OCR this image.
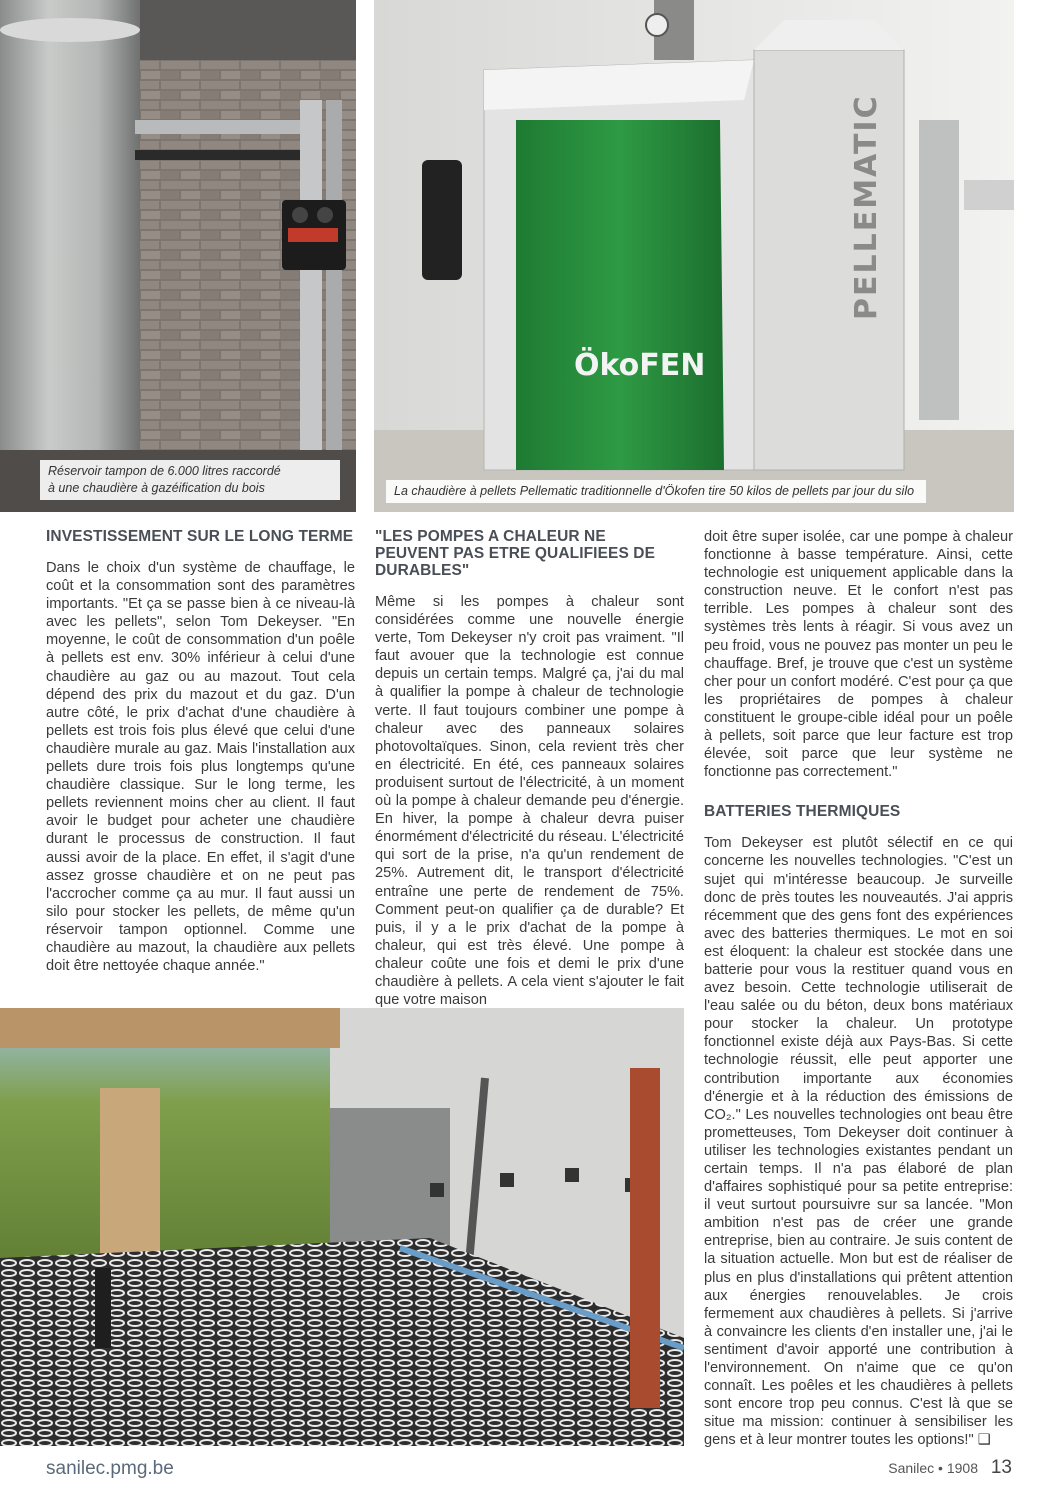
Réservoir tampon de 6.000 litres raccordé
à une chaudière à gazéification du bois
ÖkoFEN
PELLEMATIC
La chaudière à pellets Pellematic traditionnelle d'Ökofen tire 50 kilos de pellets par jour du silo
INVESTISSEMENT SUR LE LONG TERME

Dans le choix d'un système de chauffage, le coût et la consommation sont des paramètres importants. "Et ça se passe bien à ce niveau-là avec les pellets", selon Tom Dekeyser. "En moyenne, le coût de consommation d'un poêle à pellets est env. 30% inférieur à celui d'une chaudière au gaz ou au mazout. Tout cela dépend des prix du mazout et du gaz. D'un autre côté, le prix d'achat d'une chaudière à pellets est trois fois plus élevé que celui d'une chaudière murale au gaz. Mais l'installation aux pellets dure trois fois plus longtemps qu'une chaudière classique. Sur le long terme, les pellets reviennent moins cher au client. Il faut avoir le budget pour acheter une chaudière durant le processus de construction. Il faut aussi avoir de la place. En effet, il s'agit d'une assez grosse chaudière et on ne peut pas l'accrocher comme ça au mur. Il faut aussi un silo pour stocker les pellets, de même qu'un réservoir tampon optionnel. Comme une chaudière au mazout, la chaudière aux pellets doit être nettoyée chaque année."

"LES POMPES A CHALEUR NE PEUVENT PAS ETRE QUALIFIEES DE DURABLES"

Même si les pompes à chaleur sont considérées comme une nouvelle énergie verte, Tom Dekeyser n'y croit pas vraiment. "Il faut avouer que la technologie est connue depuis un certain temps. Malgré ça, j'ai du mal à qualifier la pompe à chaleur de technologie verte. Il faut toujours combiner une pompe à chaleur avec des panneaux solaires photovoltaïques. Sinon, cela revient très cher en électricité. En été, ces panneaux solaires produisent surtout de l'électricité, à un moment où la pompe à chaleur demande peu d'énergie. En hiver, la pompe à chaleur devra puiser énormément d'électricité du réseau. L'électricité qui sort de la prise, n'a qu'un rendement de 25%. Autrement dit, le transport d'électricité entraîne une perte de rendement de 75%. Comment peut-on qualifier ça de durable? Et puis, il y a le prix d'achat de la pompe à chaleur, qui est très élevé. Une pompe à chaleur coûte une fois et demi le prix d'une chaudière à pellets. A cela vient s'ajouter le fait que votre maison

doit être super isolée, car une pompe à chaleur fonctionne à basse température. Ainsi, cette technologie est uniquement applicable dans la construction neuve. Et le confort n'est pas terrible. Les pompes à chaleur sont des systèmes très lents à réagir. Si vous avez un peu froid, vous ne pouvez pas monter un peu le chauffage. Bref, je trouve que c'est un système cher pour un confort modéré. C'est pour ça que les propriétaires de pompes à chaleur constituent le groupe-cible idéal pour un poêle à pellets, soit parce que leur facture est trop élevée, soit parce que leur système ne fonctionne pas correctement."

BATTERIES THERMIQUES

Tom Dekeyser est plutôt sélectif en ce qui concerne les nouvelles technologies. "C'est un sujet qui m'intéresse beaucoup. Je surveille donc de près toutes les nouveautés. J'ai appris récemment que des gens font des expériences avec des batteries thermiques. Le mot en soi est éloquent: la chaleur est stockée dans une batterie pour vous la restituer quand vous en avez besoin. Cette technologie utiliserait de l'eau salée ou du béton, deux bons matériaux pour stocker la chaleur. Un prototype fonctionnel existe déjà aux Pays-Bas. Si cette technologie réussit, elle peut apporter une contribution importante aux économies d'énergie et à la réduction des émissions de CO₂." Les nouvelles technologies ont beau être prometteuses, Tom Dekeyser doit continuer à utiliser les technologies existantes pendant un certain temps. Il n'a pas élaboré de plan d'affaires sophistiqué pour sa petite entreprise: il veut surtout poursuivre sur sa lancée. "Mon ambition n'est pas de créer une grande entreprise, bien au contraire. Je suis content de la situation actuelle. Mon but est de réaliser de plus en plus d'installations qui prêtent attention aux énergies renouvelables. Je crois fermement aux chaudières à pellets. Si j'arrive à convaincre les clients d'en installer une, j'ai le sentiment d'avoir apporté une contribution à l'environnement. On n'aime que ce qu'on connaît. Les poêles et les chaudières à pellets sont encore trop peu connus. C'est là que se situe ma mission: continuer à sensibiliser les gens et à leur montrer toutes les options!" ❑

sanilec.pmg.be	Sanilec • 1908 13
